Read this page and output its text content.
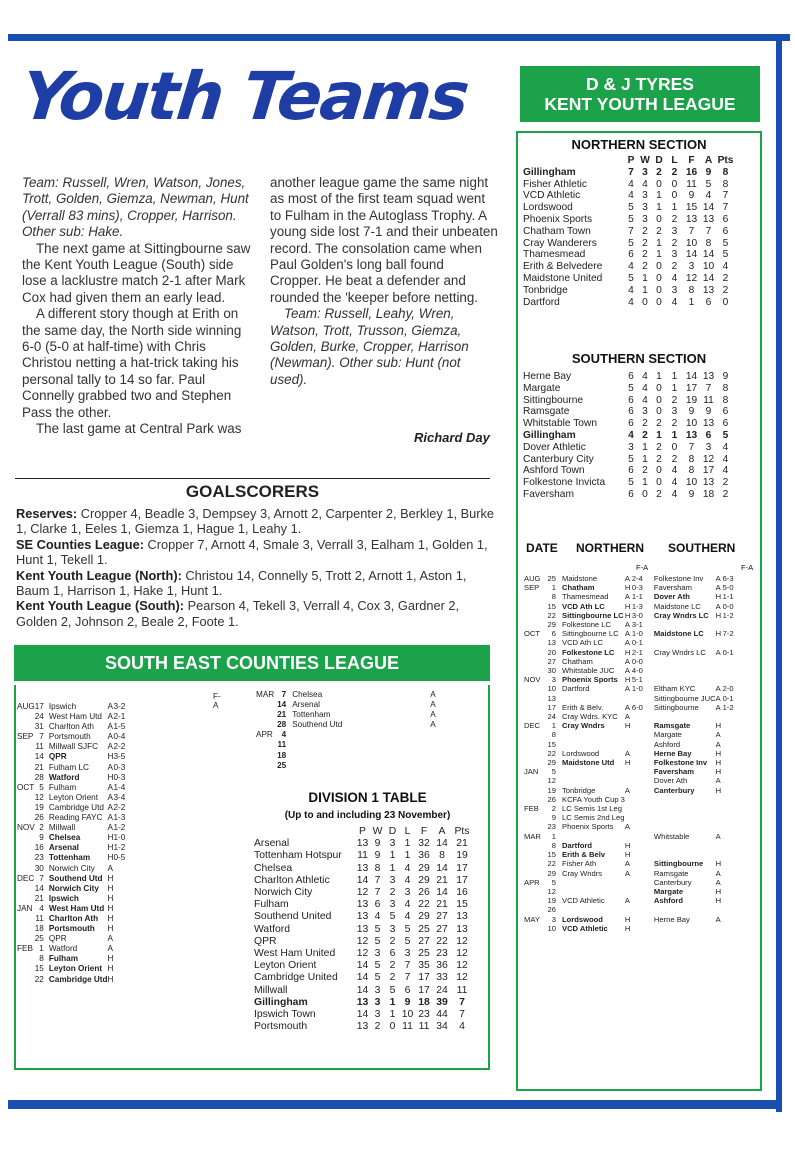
Youth Teams

Team: Russell, Wren, Watson, Jones, Trott, Golden, Giemza, Newman, Hunt (Verrall 83 mins), Cropper, Harrison. Other sub: Hake.

The next game at Sittingbourne saw the Kent Youth League (South) side lose a lacklustre match 2-1 after Mark Cox had given them an early lead.

A different story though at Erith on the same day, the North side winning 6-0 (5-0 at half-time) with Chris Christou netting a hat-trick taking his personal tally to 14 so far. Paul Connelly grabbed two and Stephen Pass the other.

The last game at Central Park was

another league game the same night as most of the first team squad went to Fulham in the Autoglass Trophy. A young side lost 7-1 and their unbeaten record. The consolation came when Paul Golden's long ball found Cropper. He beat a defender and rounded the 'keeper before netting.

Team: Russell, Leahy, Wren, Watson, Trott, Trusson, Giemza, Golden, Burke, Cropper, Harrison (Newman). Other sub: Hunt (not used).

Richard Day
GOALSCORERS
Reserves: Cropper 4, Beadle 3, Dempsey 3, Arnott 2, Carpenter 2, Berkley 1, Burke 1, Clarke 1, Eeles 1, Giemza 1, Hague 1, Leahy 1.
SE Counties League: Cropper 7, Arnott 4, Smale 3, Verrall 3, Ealham 1, Golden 1, Hunt 1, Tekell 1.
Kent Youth League (North): Christou 14, Connelly 5, Trott 2, Arnott 1, Aston 1, Baum 1, Harrison 1, Hake 1, Hunt 1.
Kent Youth League (South): Pearson 4, Tekell 3, Verrall 4, Cox 3, Gardner 2, Golden 2, Johnson 2, Beale 2, Foote 1.
SOUTH EAST COUNTIES LEAGUE
F-A
AUG	17	Ipswich	A	3-2
	24	West Ham Utd	A	2-1
	31	Charlton Ath	A	1-5
SEP	7	Portsmouth	A	0-4
	11	Millwall SJFC	A	2-2
	14	QPR	H	3-5
	21	Fulham LC	A	0-3
	28	Watford	H	0-3
OCT	5	Fulham	A	1-4
	12	Leyton Orient	A	3-4
	19	Cambridge Utd	A	2-2
	26	Reading FAYC	A	1-3
NOV	2	Millwall	A	1-2
	9	Chelsea	H	1-0
	16	Arsenal	H	1-2
	23	Tottenham	H	0-5
	30	Norwich City	A	
DEC	7	Southend Utd	H	
	14	Norwich City	H	
	21	Ipswich	H	
JAN	4	West Ham Utd	H	
	11	Charlton Ath	H	
	18	Portsmouth	H	
	25	QPR	A	
FEB	1	Watford	A	
	8	Fulham	H	
	15	Leyton Orient	H	
	22	Cambridge Utd	H	
MAR	7	Chelsea	A
	14	Arsenal	A
	21	Tottenham	A
	28	Southend Utd	A
APR	4		
	11		
	18		
	25		
DIVISION 1 TABLE
(Up to and including 23 November)
	P	W	D	L	F	A	Pts
Arsenal	13	9	3	1	32	14	21
Tottenham Hotspur	11	9	1	1	36	8	19
Chelsea	13	8	1	4	29	14	17
Charlton Athletic	14	7	3	4	29	21	17
Norwich City	12	7	2	3	26	14	16
Fulham	13	6	3	4	22	21	15
Southend United	13	4	5	4	29	27	13
Watford	13	5	3	5	25	27	13
QPR	12	5	2	5	27	22	12
West Ham United	12	3	6	3	25	23	12
Leyton Orient	14	5	2	7	35	36	12
Cambridge United	14	5	2	7	17	33	12
Millwall	14	3	5	6	17	24	11
Gillingham	13	3	1	9	18	39	7
Ipswich Town	14	3	1	10	23	44	7
Portsmouth	13	2	0	11	11	34	4
D & J TYRES
KENT YOUTH LEAGUE
NORTHERN SECTION
	P	W	D	L	F	A	Pts
Gillingham	7	3	2	2	16	9	8
Fisher Athletic	4	4	0	0	11	5	8
VCD Athletic	4	3	1	0	9	4	7
Lordswood	5	3	1	1	15	14	7
Phoenix Sports	5	3	0	2	13	13	6
Chatham Town	7	2	2	3	7	7	6
Cray Wanderers	5	2	1	2	10	8	5
Thamesmead	6	2	1	3	14	14	5
Erith & Belvedere	4	2	0	2	3	10	4
Maidstone United	5	1	0	4	12	14	2
Tonbridge	4	1	0	3	8	13	2
Dartford	4	0	0	4	1	6	0
SOUTHERN SECTION
Herne Bay	6	4	1	1	14	13	9
Margate	5	4	0	1	17	7	8
Sittingbourne	6	4	0	2	19	11	8
Ramsgate	6	3	0	3	9	9	6
Whitstable Town	6	2	2	2	10	13	6
Gillingham	4	2	1	1	13	6	5
Dover Athletic	3	1	2	0	7	3	4
Canterbury City	5	1	2	2	8	12	4
Ashford Town	6	2	0	4	8	17	4
Folkestone Invicta	5	1	0	4	10	13	2
Faversham	6	0	2	4	9	18	2
DATE NORTHERN SOUTHERN
F-A	F-A
AUG	25	Maidstone	A	2-4	Folkestone Inv	A	6-3
SEP	1	Chatham	H	0-3	Faversham	A	5-0
	8	Thamesmead	A	1-1	Dover Ath	H	1-1
	15	VCD Ath LC	H	1-3	Maidstone LC	A	0-0
	22	Sittingbourne LC	H	3-0	Cray Wndrs LC	H	1-2
	29	Folkestone LC	A	3-1			
OCT	6	Sittingbourne LC	A	1-0	Maidstone LC	H	7-2
	13	VCD Ath LC	A	0-1			
	20	Folkestone LC	H	2-1	Cray Wndrs LC	A	0-1
	27	Chatham	A	0-0			
	30	Whitstable JUC	A	4-0			
NOV	3	Phoenix Sports	H	5-1			
	10	Dartford	A	1-0	Eltham KYC	A	2-0
	13				Sittingbourne JUC	A	0-1
	17	Erith & Belv.	A	6-0	Sittingbourne	A	1-2
	24	Cray Wdrs. KYC	A				
DEC	1	Cray Wndrs	H		Ramsgate	H	
	8				Margate	A	
	15				Ashford	A	
	22	Lordswood	A		Herne Bay	H	
	29	Maidstone Utd	H		Folkestone Inv	H	
JAN	5				Faversham	H	
	12				Dover Ath	A	
	19	Tonbridge	A		Canterbury	H	
	26	KCFA Youth Cup 3					
FEB	2	LC Semis 1st Leg					
	9	LC Semis 2nd Leg					
	23	Phoenix Sports	A				
MAR	1				Whitstable	A	
	8	Dartford	H				
	15	Erith & Belv	H				
	22	Fisher Ath	A		Sittingbourne	H	
	29	Cray Wndrs	A		Ramsgate	A	
APR	5				Canterbury	A	
	12				Margate	H	
	19	VCD Athletic	A		Ashford	H	
	26						
MAY	3	Lordswood	H		Herne Bay	A	
	10	VCD Athletic	H				
